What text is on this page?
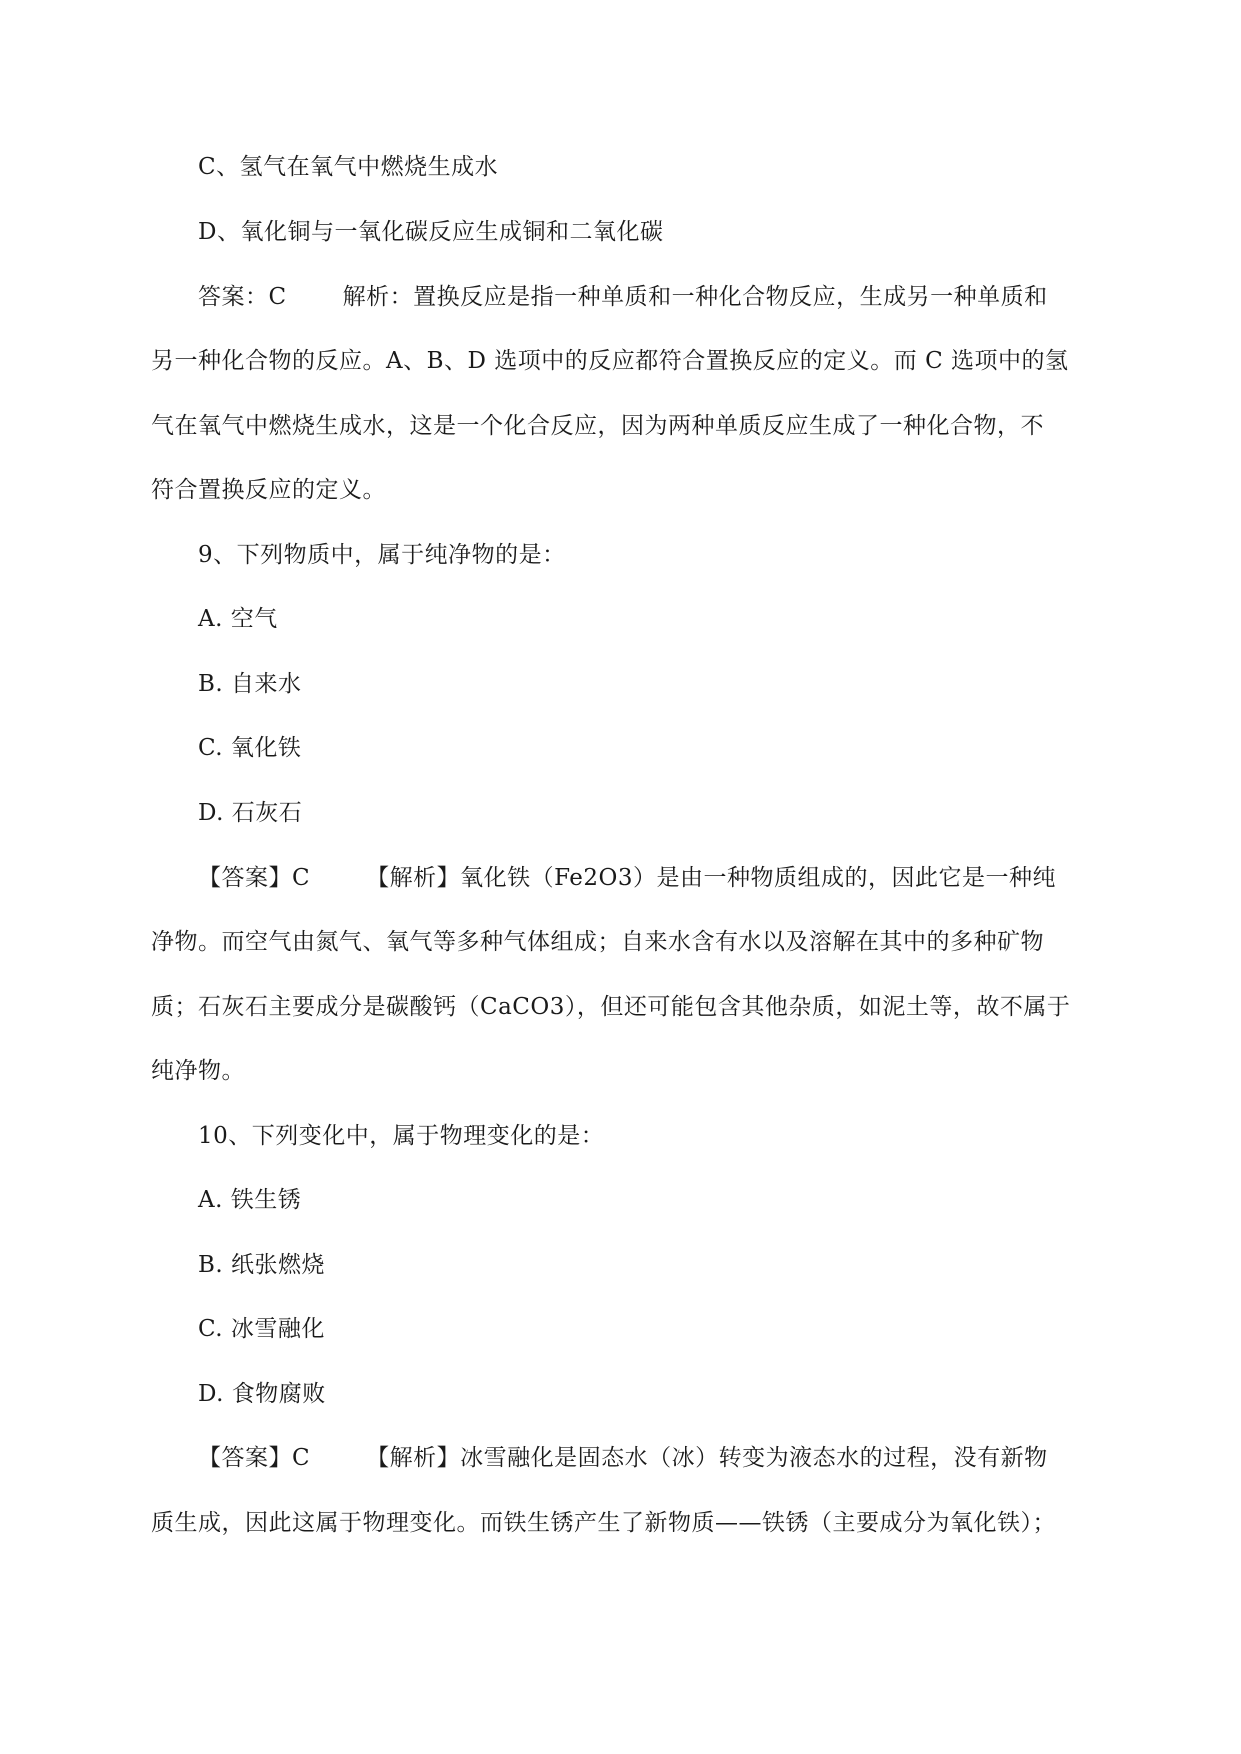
C、氢气在氧气中燃烧生成水
D、氧化铜与一氧化碳反应生成铜和二氧化碳
答案：C 解析：置换反应是指一种单质和一种化合物反应，生成另一种单质和
另一种化合物的反应。A、B、D 选项中的反应都符合置换反应的定义。而 C 选项中的氢
气在氧气中燃烧生成水，这是一个化合反应，因为两种单质反应生成了一种化合物，不
符合置换反应的定义。
9、下列物质中，属于纯净物的是：
A. 空气
B. 自来水
C. 氧化铁
D. 石灰石
【答案】C 【解析】氧化铁（Fe2O3）是由一种物质组成的，因此它是一种纯
净物。而空气由氮气、氧气等多种气体组成；自来水含有水以及溶解在其中的多种矿物
质；石灰石主要成分是碳酸钙（CaCO3），但还可能包含其他杂质，如泥土等，故不属于
纯净物。
10、下列变化中，属于物理变化的是：
A. 铁生锈
B. 纸张燃烧
C. 冰雪融化
D. 食物腐败
【答案】C 【解析】冰雪融化是固态水（冰）转变为液态水的过程，没有新物
质生成，因此这属于物理变化。而铁生锈产生了新物质——铁锈（主要成分为氧化铁）；
